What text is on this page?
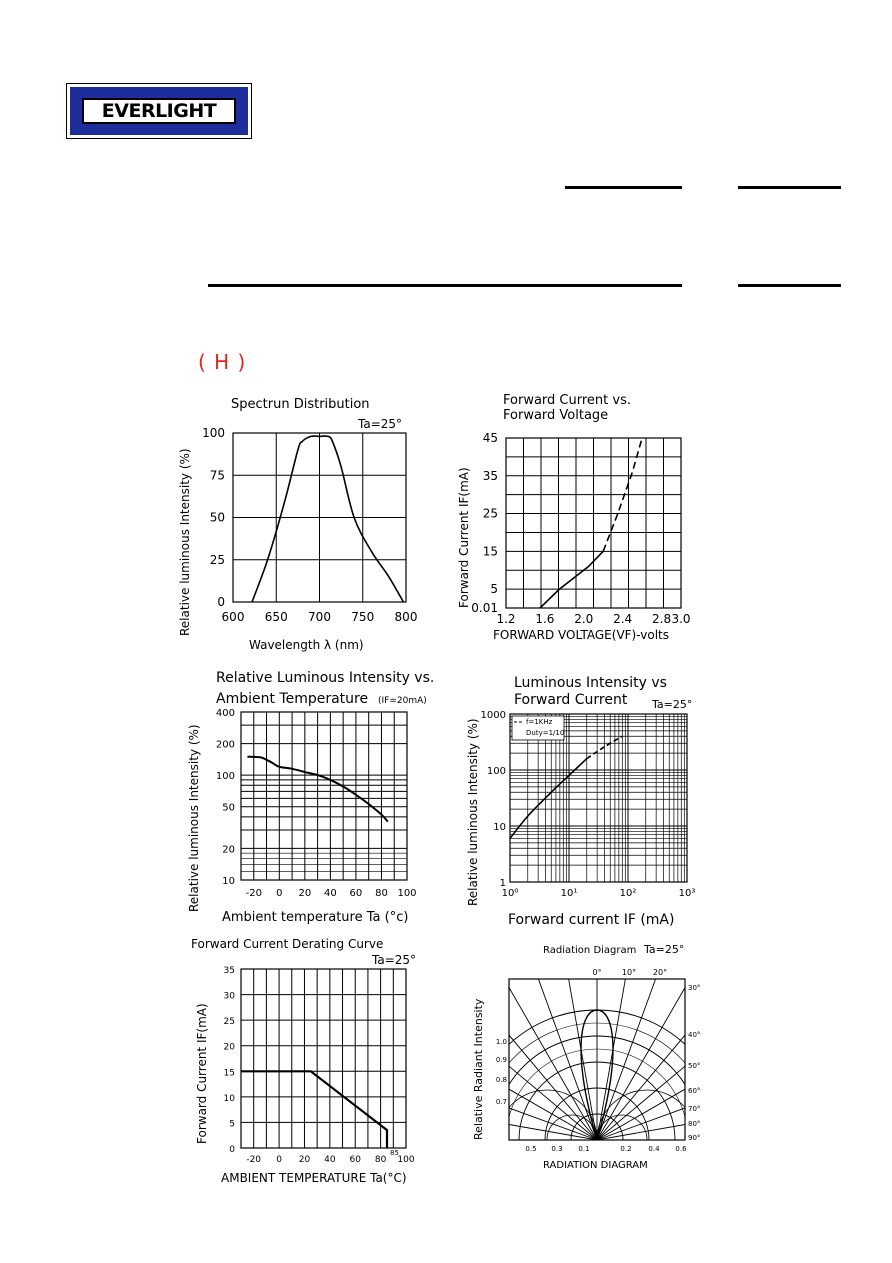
EVERLIGHT
( H )
Spectrun Distribution
Ta=25°
0
25
50
75
100
600 650 700 750 800
Wavelength λ (nm)
Relative luminous Intensity (%)
Forward Current vs.
Forward Voltage
0.01
5
15
25
35
45
1.2 1.6 2.0 2.4 2.8 3.0
FORWARD VOLTAGE(VF)-volts
Forward Current IF(mA)
Relative Luminous Intensity vs.
Ambient Temperature (IF=20mA)
10
20
50
100
200
400
-20 0 20 40 60 80 100
Ambient temperature Ta (°c)
Relative luminous Intensity (%)
Luminous Intensity vs
Forward Current Ta=25°
f=1KHz
Duty=1/10
1
10
100
1000
10⁰	10¹	10²	10³
Forward current IF (mA)
Relative luminous Intensity (%)
Forward Current Derating Curve
Ta=25°
0
5
10
15
20
25
30
35
-20 0 20 40 60 80 100
85
AMBIENT TEMPERATURE Ta(°C)
Forward Current IF(mA)
Radiation Diagram Ta=25°
0°	10° 20°
30°
40°
50°
60°
70°
80°
90°
1.0
0.9
0.8
0.7
0.5 0.3 0.1	0.2 0.4 0.6
RADIATION DIAGRAM
Relative Radiant Intensity
